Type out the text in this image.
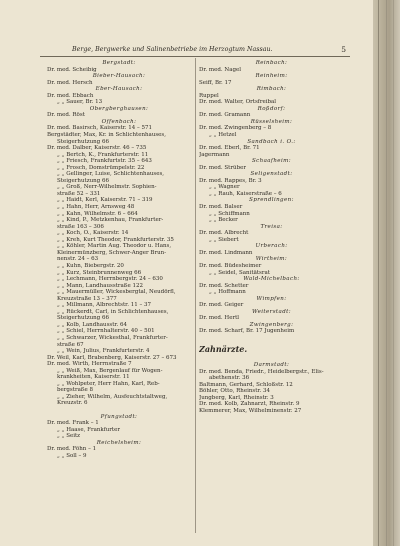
Berge, Bergwerke und Salinenbetriebe im Herzogtum Nassau.	5
Bergstadt:
Dr. med. Scheibig
Bieber-Hausach:
Dr. med. Hersch
Eber-Hausach:
Dr. med. Ebbach
„ „ Sauer, Br. 13
Obergberghausen:
Dr. med. Röst
Offenbach:
Dr. med. Basirsch, Kaiserstr. 14 – 571
Bergstädter, Max, Kr. in Schlichtenhauses,
Steigerhutzung 66
Dr. med. Dalber, Kaiserstr. 46 – 735
„ „ Bertch, K., Frankfurterstr. 11
„ „ Friesch, Frankfurtstr. 35 – 643
„ „ Frosch, Domstrümpelstr. 22
„ „ Gellinger, Luise, Schlichtenhauses,
Steigerhutzung 66
„ „ Groß, Nerr-Wilhelmstr. Sophien-
straße 52 – 331
„ „ Haidt, Kerl, Kaiserstr. 71 – 319
„ „ Hahn, Herr, Arnsweg 48
„ „ Kahn, Wilhelmstr. 6 – 664
„ „ Kind, P., Metzkenhau, Frankfurter-
straße 163 – 306
„ „ Koch, O., Kaiserstr. 14
„ „ Kreh, Kurt Theodor, Frankfurterstr. 35
„ „ Köhler, Martin Aug. Theodor u. Hans,
Kleinermünzberg, Schwer-Anger Brun-
nenstr. 24 – 63
„ „ Kuhn, Biebergstr. 20
„ „ Kurz, Steinbrunnenweg 66
„ „ Lechmann, Herrnbergstr. 24 – 630
„ „ Mann, Landhausstraße 122
„ „ Mauermüller, Wickesbergtal, Neudörfl,
Kreuzstraße 13 – 377
„ „ Millmann, Albrechtstr. 11 – 37
„ „ Rückerdt, Carl, in Schlichtenhauses,
Steigerhutzung 66
„ „ Kolb, Landhausstr. 64
„ „ Schiel, Herrnhalterstr. 40 – 501
„ „ Schwarzer, Wickesthal, Frankfurter-
straße 67
„ „ Wein, Julius, Frankfurterstr. 4
Dr. Weil, Karl, Brabenberg, Kaiserstr. 27 – 673
Dr. med. Wirth, Herrnstraße 7
„ „ Weiß, Max, Bergenlauf für Wogen-
krankheiten, Kaiserstr. 11
„ „ Wohlpeter, Herr Hahn, Karl, Reb-
bergstraße 8
„ „ Zieher, Wilhelm, Ausfeuchtstaltweg,
Kreuzstr. 6
Pfungstadt:
Dr. med. Frank – 1
„ „ Haase, Frankfurter
„ „ Seitz
Reichelsheim:
Dr. med. Föhn – 1
„ „ Soll – 9
Reinbach:
Dr. med. Nagel
Reinheim:
Seiff, Br. 17
Rimbach:
Ruppel
Dr. med. Walter, Ortsfreibal
Roßdorf:
Dr. med. Gramann
Rüsselsheim:
Dr. med. Zwingenberg – 8
„ „ Hetzel
Sandbach i. O.:
Dr. med. Eberl, Br. 71
Jagermann
Schaafheim:
Dr. med. Strüber
Seligenstadt:
Dr. med. Rappes, Br. 3
„ „ Wagner
„ „ Rauh, Kaiserstraße – 6
Sprendlingen:
Dr. med. Balser
„ „ Schiffmann
„ „ Becker
Treisa:
Dr. med. Albrecht
„ „ Siebert
Urberach:
Dr. med. Lindmann
Wirtheim:
Dr. med. Büdesheimer
„ „ Seidel, Sanitätsrat
Wald-Michelbach:
Dr. med. Schetter
„ „ Hoffmann
Wimpfen:
Dr. med. Geiger
Weiterstadt:
Dr. med. Hertl
Zwingenberg:
Dr. med. Scharf, Br. 17 Jugenheim
Zahnärzte.
Darmstadt:
Dr. med. Benda, Friedr., Heidelbergstr., Elis-
abethenstr. 36
Baltmann, Gerhard, Schloßstr. 12
Böhler, Otto, Rheinstr. 34
Jungberg, Karl, Rheinstr. 3
Dr. med. Kolb, Zahnarzt, Rheinstr. 9
Klemmerer, Max, Wilhelminenstr. 27
